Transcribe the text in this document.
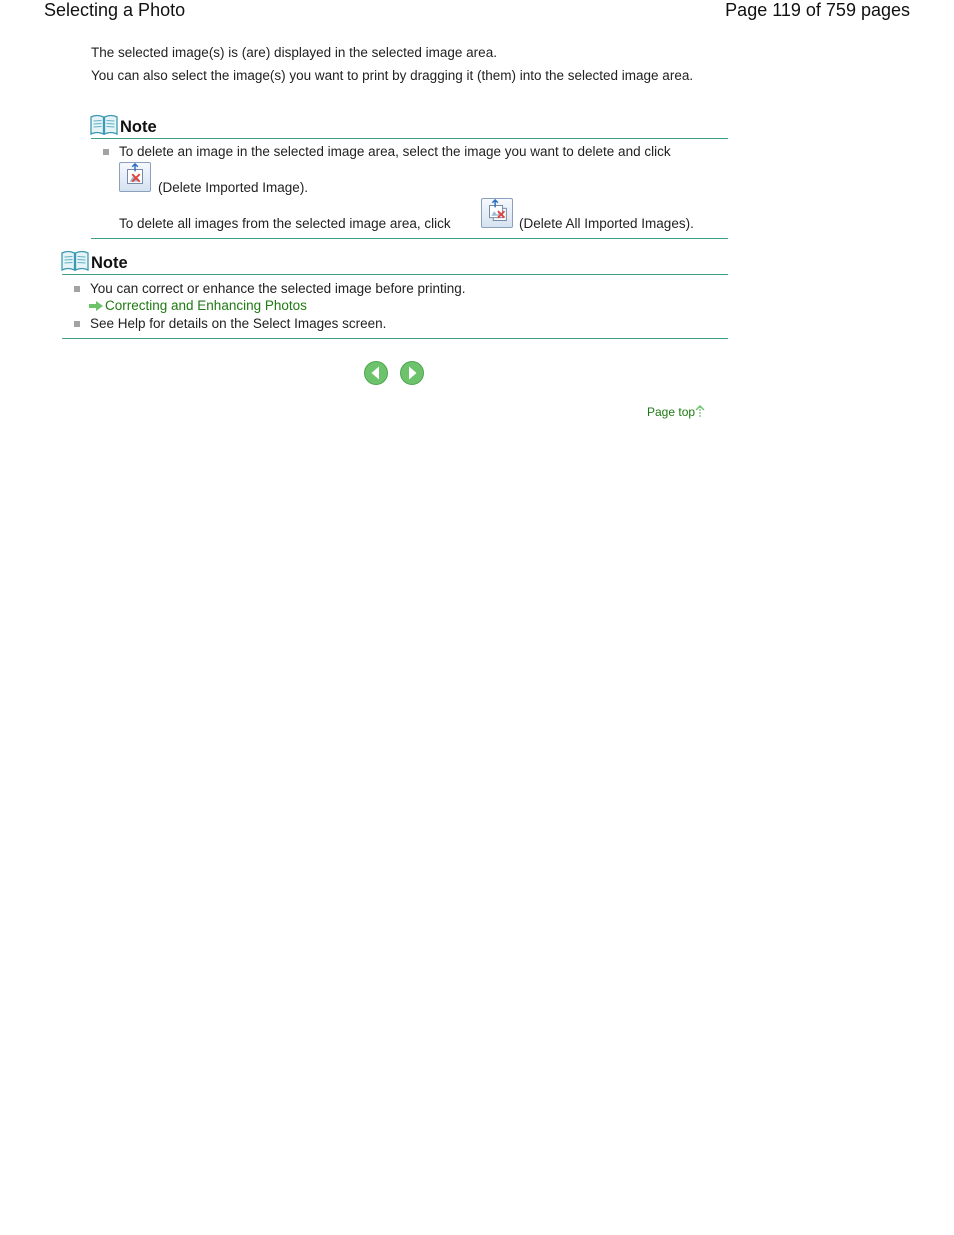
Selecting a Photo	Page 119 of 759 pages
The selected image(s) is (are) displayed in the selected image area.
You can also select the image(s) you want to print by dragging it (them) into the selected image area.
Note
To delete an image in the selected image area, select the image you want to delete and click
(Delete Imported Image).
To delete all images from the selected image area, click	(Delete All Imported Images).
Note
You can correct or enhance the selected image before printing.
Correcting and Enhancing Photos
See Help for details on the Select Images screen.
Page top
